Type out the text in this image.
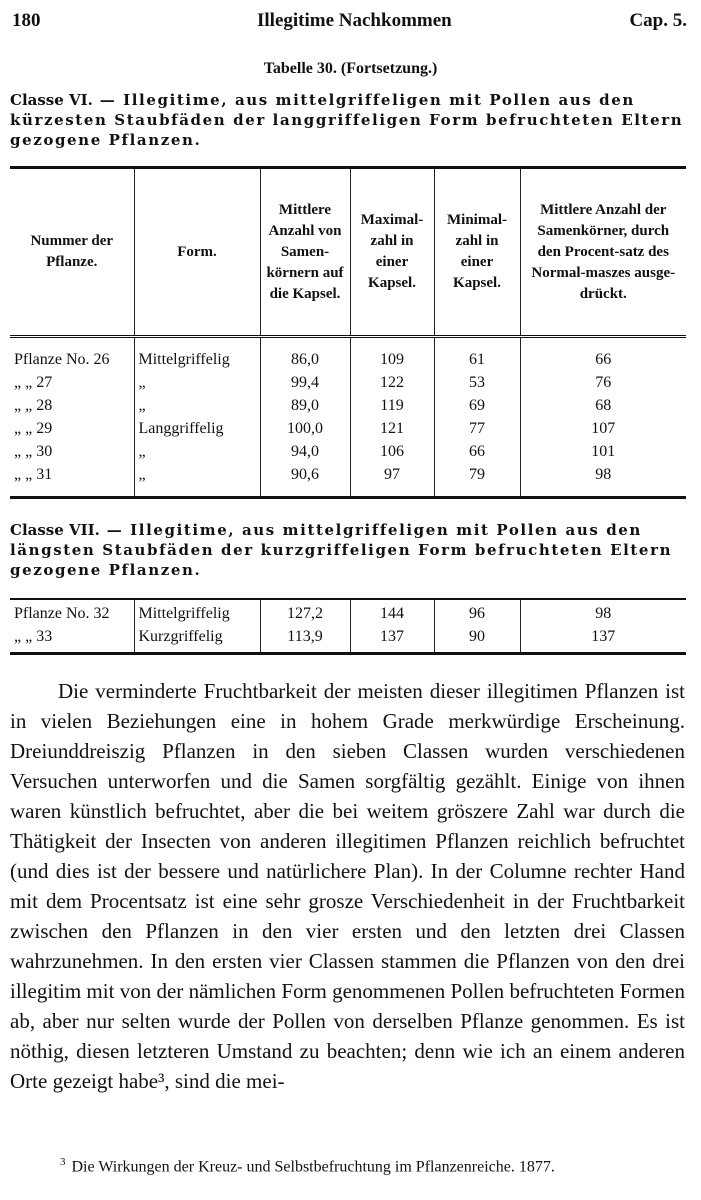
180	Illegitime Nachkommen	Cap. 5.
Tabelle 30. (Fortsetzung.)
Classe VI. — Illegitime, aus mittelgriffeligen mit Pollen aus den kürzesten Staubfäden der langgriffeligen Form befruchteten Eltern gezogene Pflanzen.
Nummer der Pflanze.	Form.	Mittlere Anzahl von Samen-körnern auf die Kapsel.	Maximal-zahl in einer Kapsel.	Minimal-zahl in einer Kapsel.	Mittlere Anzahl der Samenkörner, durch den Procent-satz des Normal-maszes ausge-drückt.
Pflanze No. 26	Mittelgriffelig	86,0	109	61	66
„ „ 27	„	99,4	122	53	76
„ „ 28	„	89,0	119	69	68
„ „ 29	Langgriffelig	100,0	121	77	107
„ „ 30	„	94,0	106	66	101
„ „ 31	„	90,6	97	79	98
Classe VII. — Illegitime, aus mittelgriffeligen mit Pollen aus den längsten Staubfäden der kurzgriffeligen Form befruchteten Eltern gezogene Pflanzen.
Pflanze No. 32	Mittelgriffelig	127,2	144	96	98
„ „ 33	Kurzgriffelig	113,9	137	90	137

Die verminderte Fruchtbarkeit der meisten dieser illegitimen Pflanzen ist in vielen Beziehungen eine in hohem Grade merkwürdige Erscheinung. Dreiunddreiszig Pflanzen in den sieben Classen wurden verschiedenen Versuchen unterworfen und die Samen sorgfältig gezählt. Einige von ihnen waren künstlich befruchtet, aber die bei weitem gröszere Zahl war durch die Thätigkeit der Insecten von anderen illegitimen Pflanzen reichlich befruchtet (und dies ist der bessere und natürlichere Plan). In der Columne rechter Hand mit dem Procentsatz ist eine sehr grosze Verschiedenheit in der Fruchtbarkeit zwischen den Pflanzen in den vier ersten und den letzten drei Classen wahrzunehmen. In den ersten vier Classen stammen die Pflanzen von den drei illegitim mit von der nämlichen Form genommenen Pollen befruchteten Formen ab, aber nur selten wurde der Pollen von derselben Pflanze genommen. Es ist nöthig, diesen letzteren Umstand zu beachten; denn wie ich an einem anderen Orte gezeigt habe³, sind die mei-

$^3$ Die Wirkungen der Kreuz- und Selbstbefruchtung im Pflanzenreiche. 1877.
